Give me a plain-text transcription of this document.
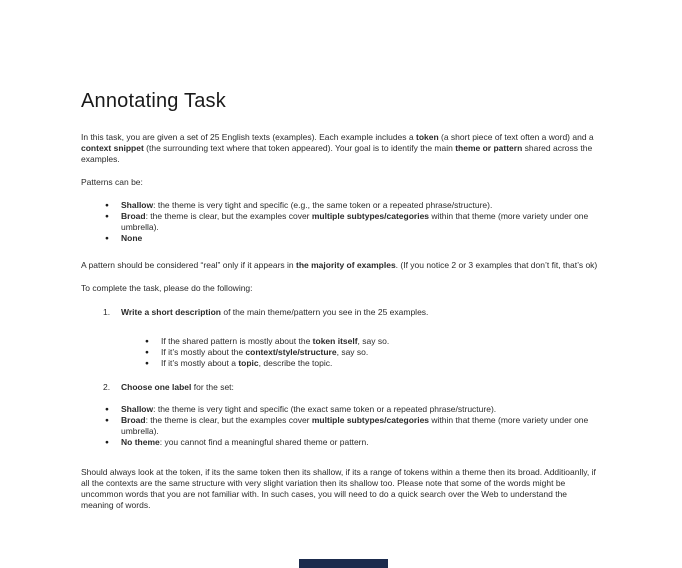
Annotating Task

In this task, you are given a set of 25 English texts (examples). Each example includes a token (a short piece of text often a word) and a context snippet (the surrounding text where that token appeared). Your goal is to identify the main theme or pattern shared across the examples.

Patterns can be:

●	Shallow: the theme is very tight and specific (e.g., the same token or a repeated phrase/structure).
●	Broad: the theme is clear, but the examples cover multiple subtypes/categories within that theme (more variety under one umbrella).
●	None

A pattern should be considered “real” only if it appears in the majority of examples. (If you notice 2 or 3 examples that don’t fit, that’s ok)

To complete the task, please do the following:

1.	Write a short description of the main theme/pattern you see in the 25 examples.
●	If the shared pattern is mostly about the token itself, say so.
●	If it’s mostly about the context/style/structure, say so.
●	If it’s mostly about a topic, describe the topic.
2.	Choose one label for the set:
●	Shallow: the theme is very tight and specific (the exact same token or a repeated phrase/structure).
●	Broad: the theme is clear, but the examples cover multiple subtypes/categories within that theme (more variety under one umbrella).
●	No theme: you cannot find a meaningful shared theme or pattern.

Should always look at the token, if its the same token then its shallow, if its a range of tokens within a theme then its broad. Additioanlly, if all the contexts are the same structure with very slight variation then its shallow too. Please note that some of the words might be uncommon words that you are not familiar with. In such cases, you will need to do a quick search over the Web to understand the meaning of words.
